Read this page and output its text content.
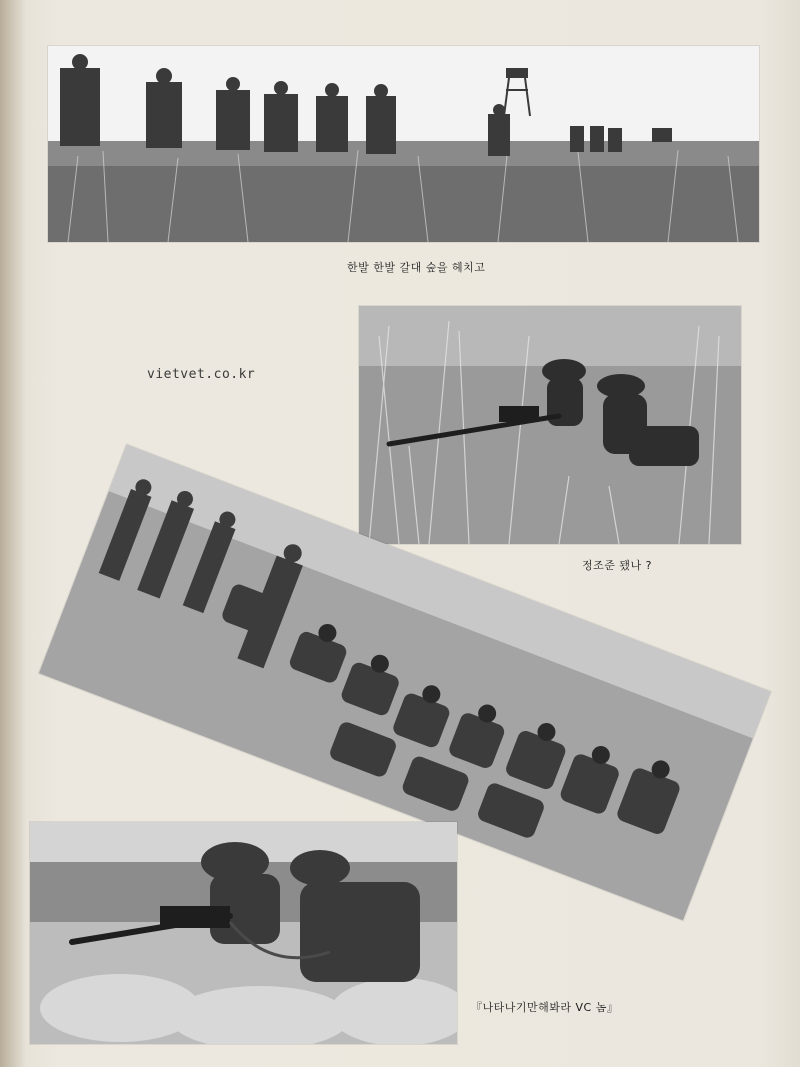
한발 한발 갈대 숲을 헤치고
vietvet.co.kr
정조준 됐나 ?
『나타나기만해봐라 VC 놈』
